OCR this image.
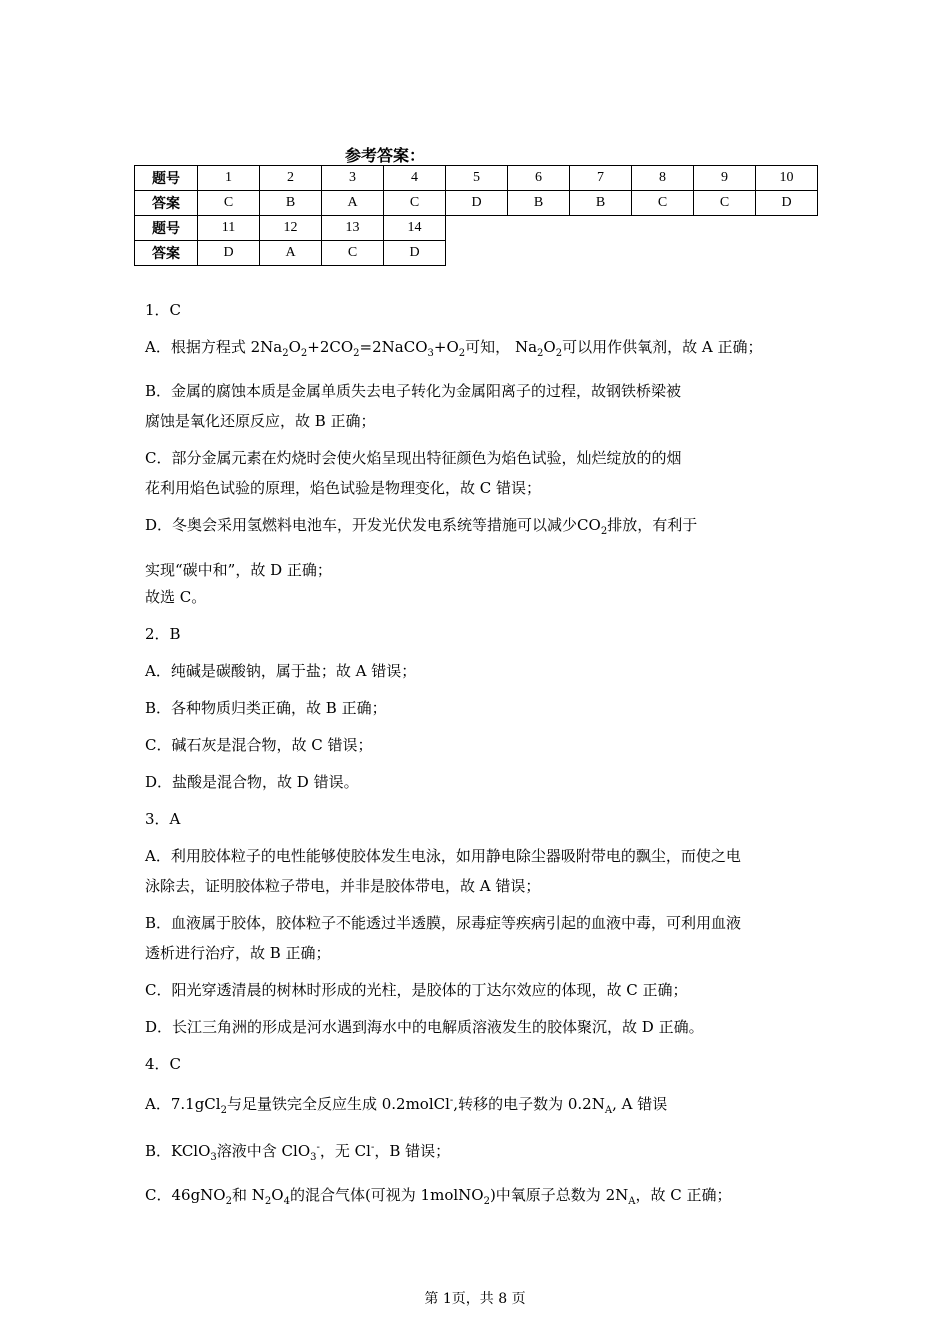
参考答案：
题号	1	2	3	4	5	6	7	8	9	10
答案	C	B	A	C	D	B	B	C	C	D
题号	11	12	13	14						
答案	D	A	C	D						
1．C
A．根据方程式 $2Na_2O_2+2CO_2=2NaCO_3+O_2$可知， $Na_2O_2$可以用作供氧剂，故 A 正确；
B．金属的腐蚀本质是金属单质失去电子转化为金属阳离子的过程，故钢铁桥梁被
腐蚀是氧化还原反应，故 B 正确；
C．部分金属元素在灼烧时会使火焰呈现出特征颜色为焰色试验，灿烂绽放的的烟
花利用焰色试验的原理，焰色试验是物理变化，故 C 错误；
D．冬奥会采用氢燃料电池车，开发光伏发电系统等措施可以减少$CO_2$排放，有利于
实现“碳中和”，故 D 正确；
故选 C。
2．B
A．纯碱是碳酸钠，属于盐；故 A 错误；
B．各种物质归类正确，故 B 正确；
C．碱石灰是混合物，故 C 错误；
D．盐酸是混合物，故 D 错误。
3．A
A．利用胶体粒子的电性能够使胶体发生电泳，如用静电除尘器吸附带电的飘尘，而使之电
泳除去，证明胶体粒子带电，并非是胶体带电，故 A 错误；
B．血液属于胶体，胶体粒子不能透过半透膜，尿毒症等疾病引起的血液中毒，可利用血液
透析进行治疗，故 B 正确；
C．阳光穿透清晨的树林时形成的光柱，是胶体的丁达尔效应的体现，故 C 正确；
D．长江三角洲的形成是河水遇到海水中的电解质溶液发生的胶体聚沉，故 D 正确。
4．C
A．7.1gCl$_2$与足量铁完全反应生成 0.2molCl-,转移的电子数为 $0.2N_A$, A 错误
B．KClO$_3$溶液中含 ClO$_3$-，无 Cl-，B 错误；
C．46gNO$_2$和 $N_2O_4$的混合气体(可视为 1molNO$_2$)中氧原子总数为 $2N_A$，故 C 正确；
第 1页，共 8 页
